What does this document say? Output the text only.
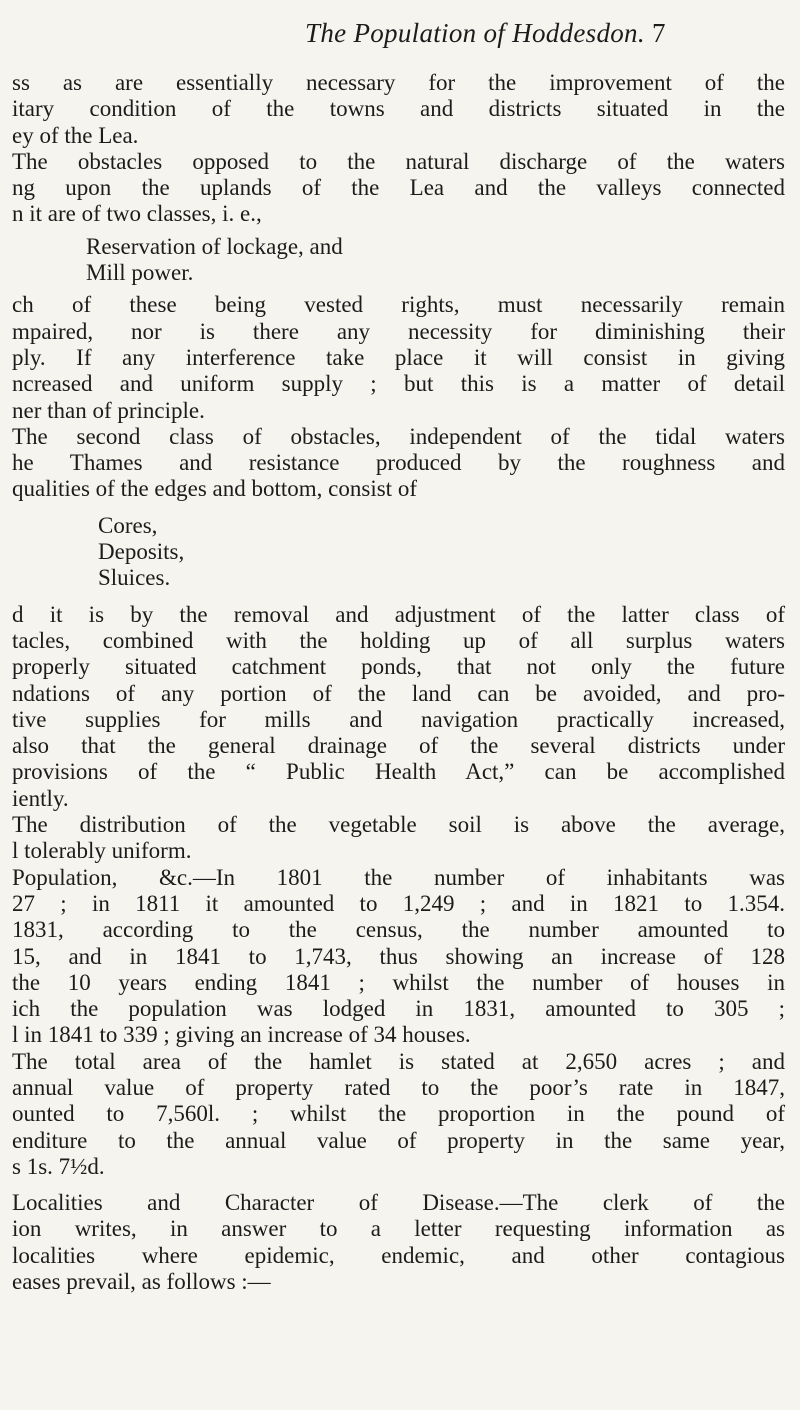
The Population of Hoddesdon. 7
ss as are essentially necessary for the improvement of the
itary condition of the towns and districts situated in the
ey of the Lea.
The obstacles opposed to the natural discharge of the waters
ng upon the uplands of the Lea and the valleys connected
n it are of two classes, i. e.,
Reservation of lockage, and
Mill power.
ch of these being vested rights, must necessarily remain
mpaired, nor is there any necessity for diminishing their
ply. If any interference take place it will consist in giving
ncreased and uniform supply ; but this is a matter of detail
ner than of principle.
The second class of obstacles, independent of the tidal waters
he Thames and resistance produced by the roughness and
qualities of the edges and bottom, consist of
Cores,
Deposits,
Sluices.
d it is by the removal and adjustment of the latter class of
tacles, combined with the holding up of all surplus waters
properly situated catchment ponds, that not only the future
ndations of any portion of the land can be avoided, and pro-
tive supplies for mills and navigation practically increased,
also that the general drainage of the several districts under
provisions of the “ Public Health Act,” can be accomplished
iently.
The distribution of the vegetable soil is above the average,
l tolerably uniform.
Population, &c.—In 1801 the number of inhabitants was
27 ; in 1811 it amounted to 1,249 ; and in 1821 to 1.354.
1831, according to the census, the number amounted to
15, and in 1841 to 1,743, thus showing an increase of 128
the 10 years ending 1841 ; whilst the number of houses in
ich the population was lodged in 1831, amounted to 305 ;
l in 1841 to 339 ; giving an increase of 34 houses.
The total area of the hamlet is stated at 2,650 acres ; and
annual value of property rated to the poor’s rate in 1847,
ounted to 7,560l. ; whilst the proportion in the pound of
enditure to the annual value of property in the same year,
s 1s. 7½d.
Localities and Character of Disease.—The clerk of the
ion writes, in answer to a letter requesting information as
localities where epidemic, endemic, and other contagious
eases prevail, as follows :—
